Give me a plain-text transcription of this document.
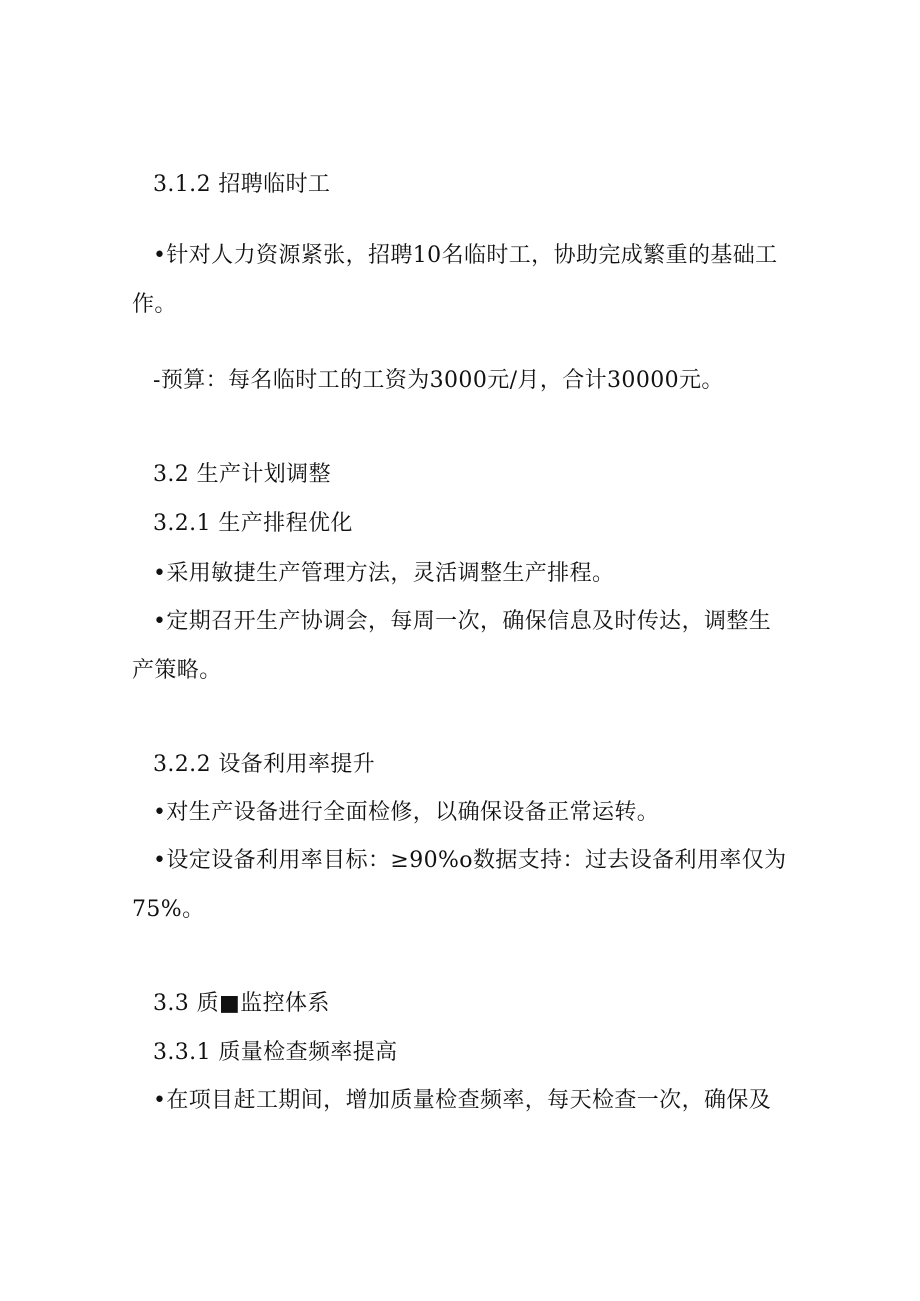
3.1.2 招聘临时工
•针对人力资源紧张，招聘10名临时工，协助完成繁重的基础工
作。
-预算：每名临时工的工资为3000元/月，合计30000元。
3.2 生产计划调整
3.2.1 生产排程优化
•采用敏捷生产管理方法，灵活调整生产排程。
•定期召开生产协调会，每周一次，确保信息及时传达，调整生
产策略。
3.2.2 设备利用率提升
•对生产设备进行全面检修，以确保设备正常运转。
•设定设备利用率目标：≥90%o数据支持：过去设备利用率仅为
75%。
3.3 质■监控体系
3.3.1 质量检查频率提高
•在项目赶工期间，增加质量检查频率，每天检查一次，确保及
